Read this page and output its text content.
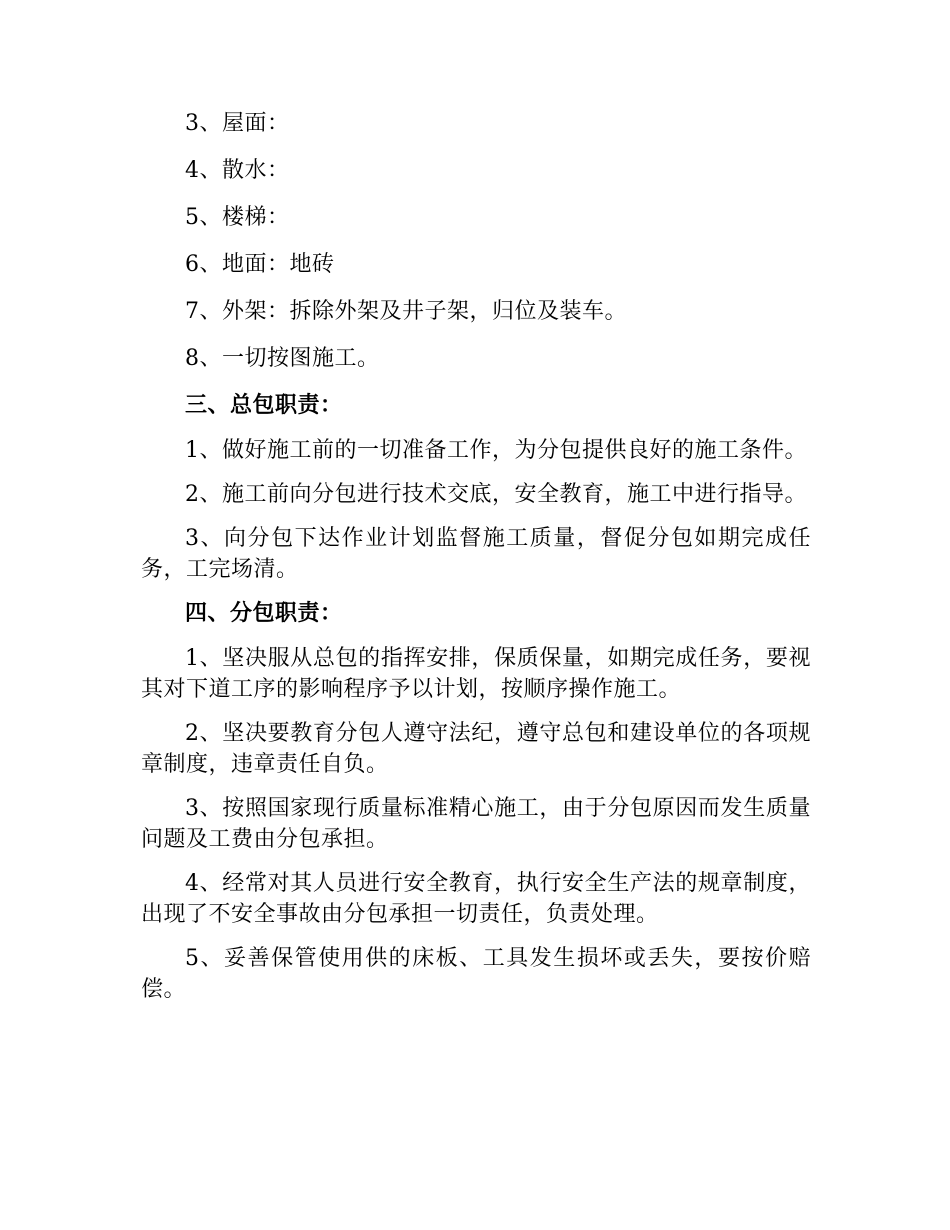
3、屋面：

4、散水：

5、楼梯：

6、地面：地砖

7、外架：拆除外架及井子架，归位及装车。

8、一切按图施工。

三、总包职责：

1、做好施工前的一切准备工作，为分包提供良好的施工条件。

2、施工前向分包进行技术交底，安全教育，施工中进行指导。

3、向分包下达作业计划监督施工质量，督促分包如期完成任务，工完场清。

四、分包职责：

1、坚决服从总包的指挥安排，保质保量，如期完成任务，要视其对下道工序的影响程序予以计划，按顺序操作施工。

2、坚决要教育分包人遵守法纪，遵守总包和建设单位的各项规章制度，违章责任自负。

3、按照国家现行质量标准精心施工，由于分包原因而发生质量问题及工费由分包承担。

4、经常对其人员进行安全教育，执行安全生产法的规章制度，出现了不安全事故由分包承担一切责任，负责处理。

5、妥善保管使用供的床板、工具发生损坏或丢失，要按价赔偿。
